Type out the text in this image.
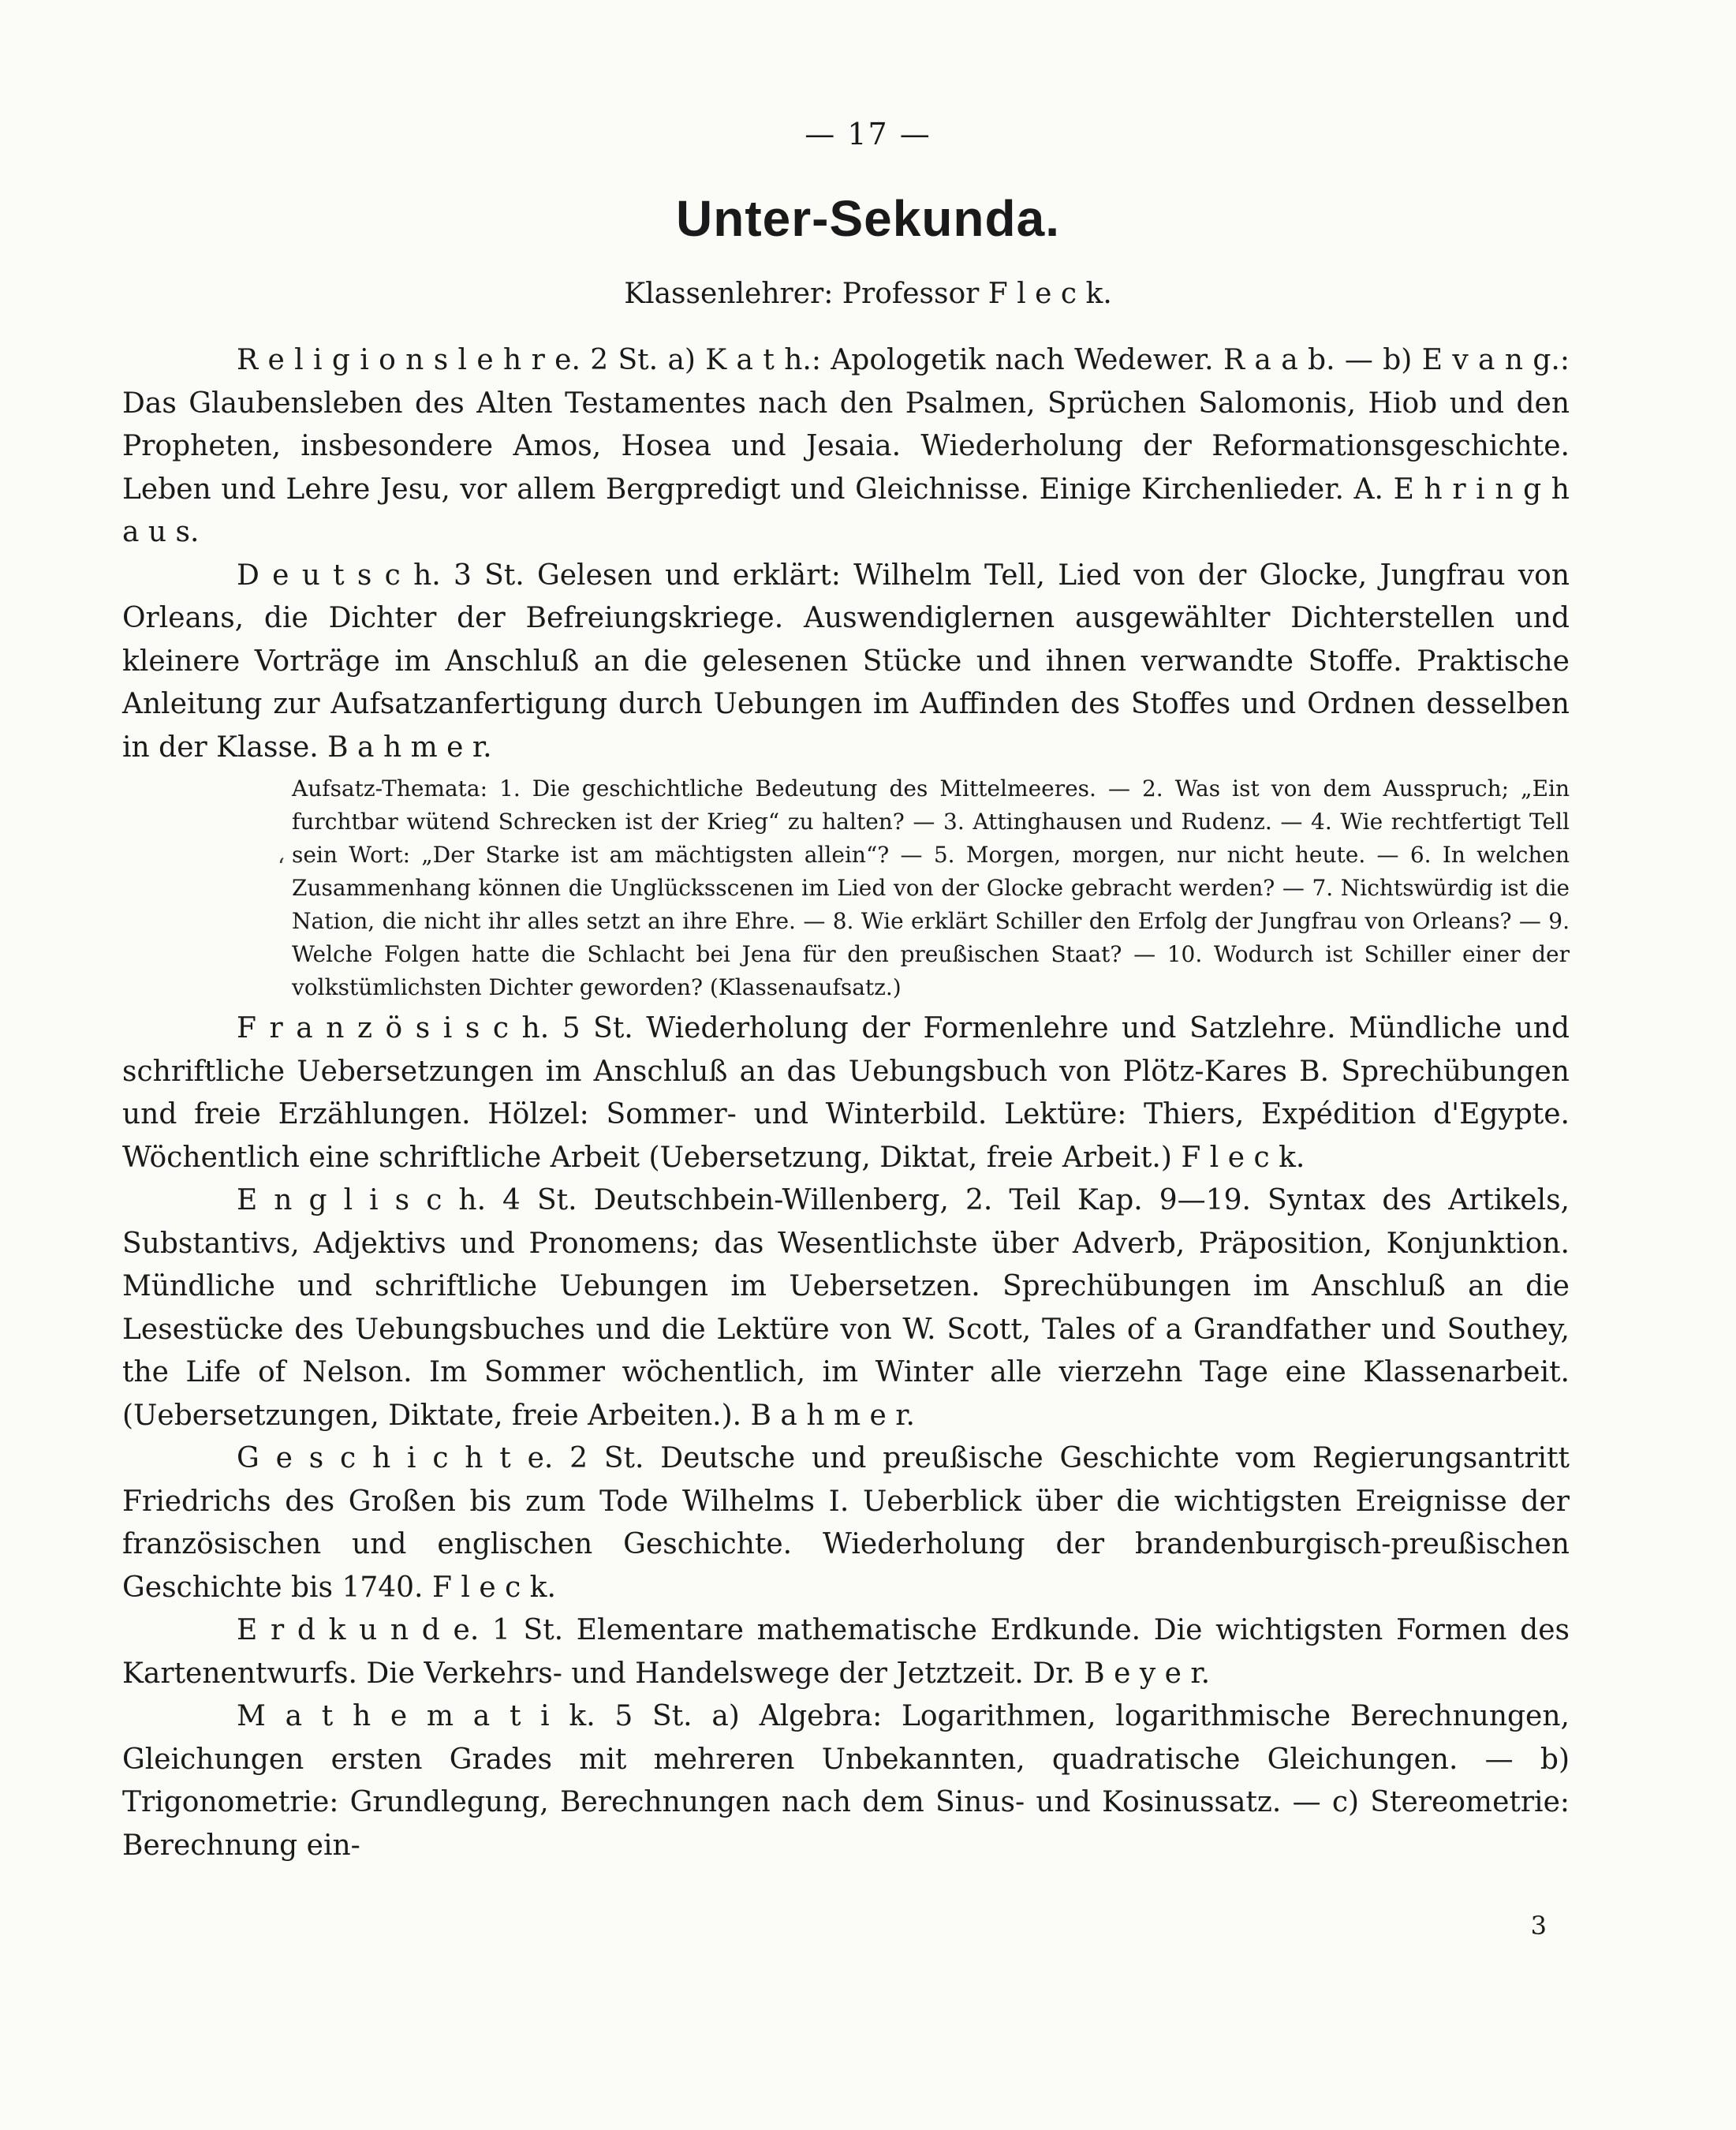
— 17 —
Unter-Sekunda.
Klassenlehrer: Professor F l e c k.
‘

R e l i g i o n s l e h r e. 2 St. a) K a t h.: Apologetik nach Wedewer. R a a b. — b) E v a n g.: Das Glaubensleben des Alten Testamentes nach den Psalmen, Sprüchen Salomonis, Hiob und den Propheten, insbesondere Amos, Hosea und Jesaia. Wiederholung der Reformationsgeschichte. Leben und Lehre Jesu, vor allem Bergpredigt und Gleichnisse. Einige Kirchenlieder. A. E h r i n g h a u s.

D e u t s c h. 3 St. Gelesen und erklärt: Wilhelm Tell, Lied von der Glocke, Jungfrau von Orleans, die Dichter der Befreiungskriege. Auswendiglernen ausgewählter Dichterstellen und kleinere Vorträge im Anschluß an die gelesenen Stücke und ihnen verwandte Stoffe. Praktische Anleitung zur Aufsatzanfertigung durch Uebungen im Auffinden des Stoffes und Ordnen desselben in der Klasse. B a h m e r.

Aufsatz-Themata: 1. Die geschichtliche Bedeutung des Mittelmeeres. — 2. Was ist von dem Ausspruch; „Ein furchtbar wütend Schrecken ist der Krieg“ zu halten? — 3. Attinghausen und Rudenz. — 4. Wie rechtfertigt Tell sein Wort: „Der Starke ist am mächtigsten allein“? — 5. Morgen, morgen, nur nicht heute. — 6. In welchen Zusammenhang können die Unglücksscenen im Lied von der Glocke gebracht werden? — 7. Nichtswürdig ist die Nation, die nicht ihr alles setzt an ihre Ehre. — 8. Wie erklärt Schiller den Erfolg der Jungfrau von Orleans? — 9. Welche Folgen hatte die Schlacht bei Jena für den preußischen Staat? — 10. Wodurch ist Schiller einer der volkstümlichsten Dichter geworden? (Klassenaufsatz.)

F r a n z ö s i s c h. 5 St. Wiederholung der Formenlehre und Satzlehre. Mündliche und schriftliche Uebersetzungen im Anschluß an das Uebungsbuch von Plötz-Kares B. Sprechübungen und freie Erzählungen. Hölzel: Sommer- und Winterbild. Lektüre: Thiers, Expédition d'Egypte. Wöchentlich eine schriftliche Arbeit (Uebersetzung, Diktat, freie Arbeit.) F l e c k.

E n g l i s c h. 4 St. Deutschbein-Willenberg, 2. Teil Kap. 9—19. Syntax des Artikels, Substantivs, Adjektivs und Pronomens; das Wesentlichste über Adverb, Präposition, Konjunktion. Mündliche und schriftliche Uebungen im Uebersetzen. Sprechübungen im Anschluß an die Lesestücke des Uebungsbuches und die Lektüre von W. Scott, Tales of a Grandfather und Southey, the Life of Nelson. Im Sommer wöchentlich, im Winter alle vierzehn Tage eine Klassenarbeit. (Uebersetzungen, Diktate, freie Arbeiten.). B a h m e r.

G e s c h i c h t e. 2 St. Deutsche und preußische Geschichte vom Regierungsantritt Friedrichs des Großen bis zum Tode Wilhelms I. Ueberblick über die wichtigsten Ereignisse der französischen und englischen Geschichte. Wiederholung der brandenburgisch-preußischen Geschichte bis 1740. F l e c k.

E r d k u n d e. 1 St. Elementare mathematische Erdkunde. Die wichtigsten Formen des Kartenentwurfs. Die Verkehrs- und Handelswege der Jetztzeit. Dr. B e y e r.

M a t h e m a t i k. 5 St. a) Algebra: Logarithmen, logarithmische Berechnungen, Gleichungen ersten Grades mit mehreren Unbekannten, quadratische Gleichungen. — b) Trigonometrie: Grundlegung, Berechnungen nach dem Sinus- und Kosinussatz. — c) Stereometrie: Berechnung ein-

3
